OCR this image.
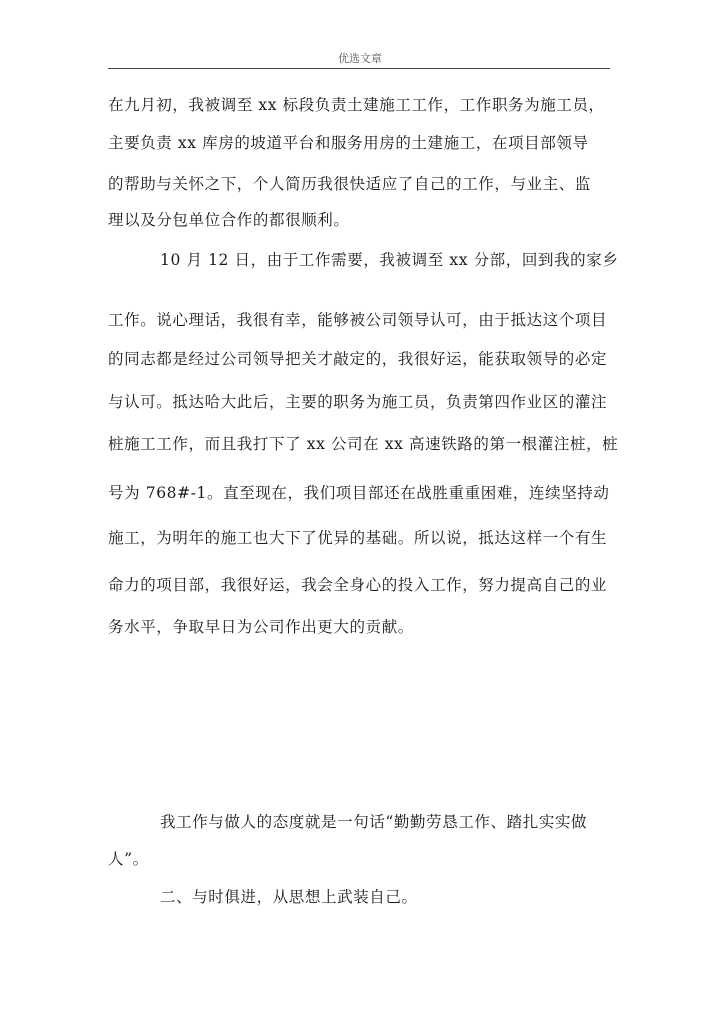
优选文章
在九月初，我被调至 xx 标段负责土建施工工作，工作职务为施工员，
主要负责 xx 库房的坡道平台和服务用房的土建施工，在项目部领导
的帮助与关怀之下，个人简历我很快适应了自己的工作，与业主、监
理以及分包单位合作的都很顺利。
10 月 12 日，由于工作需要，我被调至 xx 分部，回到我的家乡
工作。说心理话，我很有幸，能够被公司领导认可，由于抵达这个项目
的同志都是经过公司领导把关才敲定的，我很好运，能获取领导的必定
与认可。抵达哈大此后，主要的职务为施工员，负责第四作业区的灌注
桩施工工作，而且我打下了 xx 公司在 xx 高速铁路的第一根灌注桩，桩
号为 768#-1。直至现在，我们项目部还在战胜重重困难，连续坚持动
施工，为明年的施工也大下了优异的基础。所以说，抵达这样一个有生
命力的项目部，我很好运，我会全身心的投入工作，努力提高自己的业
务水平，争取早日为公司作出更大的贡献。
我工作与做人的态度就是一句话“勤勤劳恳工作、踏扎实实做
人”。
二、与时俱进，从思想上武装自己。
